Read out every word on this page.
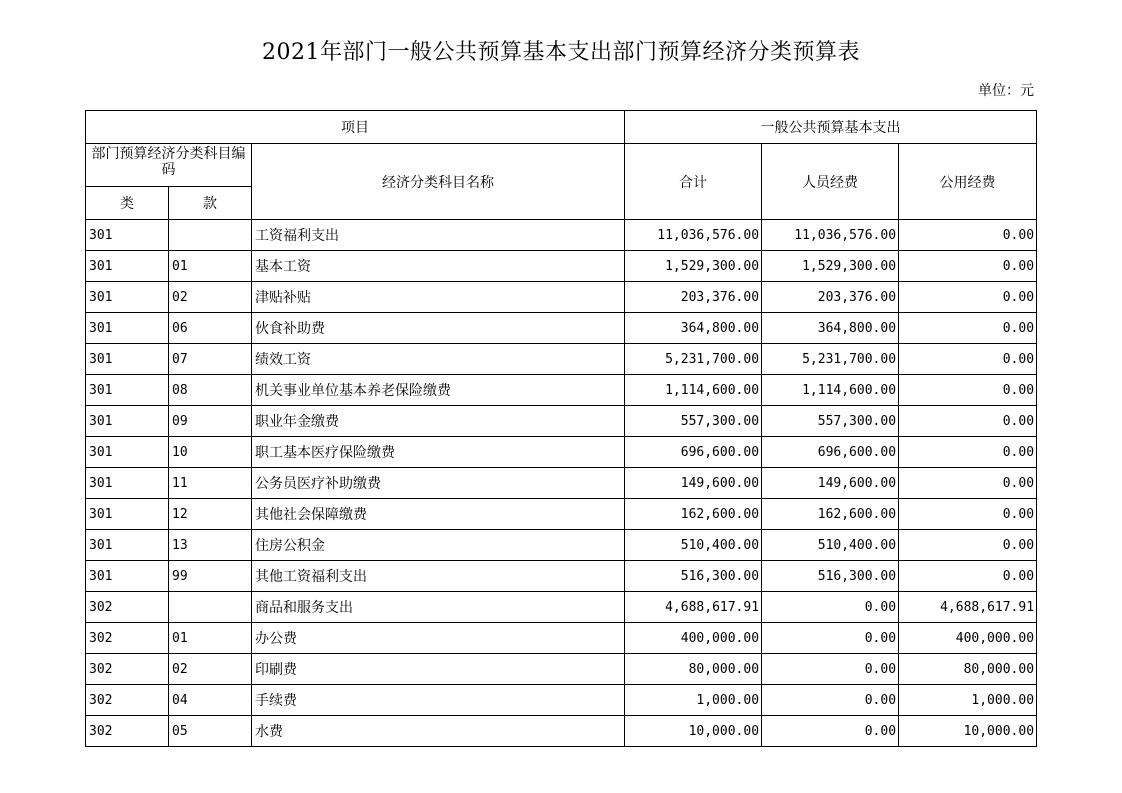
2021年部门一般公共预算基本支出部门预算经济分类预算表
单位：元
项目			一般公共预算基本支出		
部门预算经济分类科目编码		经济分类科目名称	合计	人员经费	公用经费
类	款				
301		工资福利支出	11,036,576.00	11,036,576.00	0.00
301	01	基本工资	1,529,300.00	1,529,300.00	0.00
301	02	津贴补贴	203,376.00	203,376.00	0.00
301	06	伙食补助费	364,800.00	364,800.00	0.00
301	07	绩效工资	5,231,700.00	5,231,700.00	0.00
301	08	机关事业单位基本养老保险缴费	1,114,600.00	1,114,600.00	0.00
301	09	职业年金缴费	557,300.00	557,300.00	0.00
301	10	职工基本医疗保险缴费	696,600.00	696,600.00	0.00
301	11	公务员医疗补助缴费	149,600.00	149,600.00	0.00
301	12	其他社会保障缴费	162,600.00	162,600.00	0.00
301	13	住房公积金	510,400.00	510,400.00	0.00
301	99	其他工资福利支出	516,300.00	516,300.00	0.00
302		商品和服务支出	4,688,617.91	0.00	4,688,617.91
302	01	办公费	400,000.00	0.00	400,000.00
302	02	印刷费	80,000.00	0.00	80,000.00
302	04	手续费	1,000.00	0.00	1,000.00
302	05	水费	10,000.00	0.00	10,000.00
